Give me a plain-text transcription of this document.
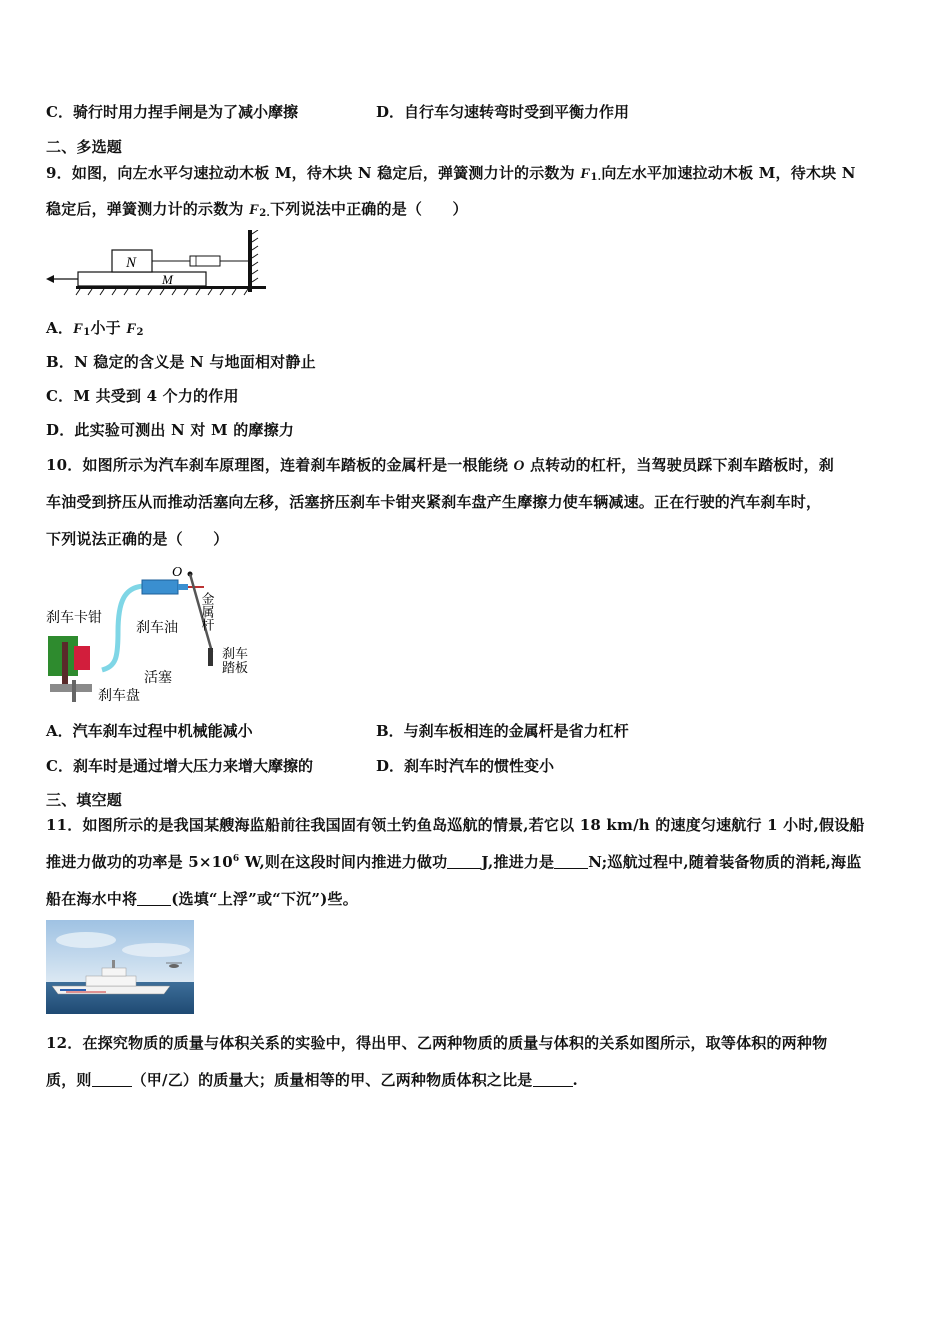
C．骑行时用力捏手闸是为了减小摩擦	D．自行车匀速转弯时受到平衡力作用
二、多选题
9．如图，向左水平匀速拉动木板 M，待木块 N 稳定后，弹簧测力计的示数为 $F_{1.}$向左水平加速拉动木板 M，待木块 N
稳定后，弹簧测力计的示数为 $F_{2.}$下列说法中正确的是（　　）
M
N
A．$F_1$小于 $F_2$
B．N 稳定的含义是 N 与地面相对静止
C．M 共受到 4 个力的作用
D．此实验可测出 N 对 M 的摩擦力
10．如图所示为汽车刹车原理图，连着刹车踏板的金属杆是一根能绕 O 点转动的杠杆，当驾驶员踩下刹车踏板时，刹
车油受到挤压从而推动活塞向左移，活塞挤压刹车卡钳夹紧刹车盘产生摩擦力使车辆减速。正在行驶的汽车刹车时，
下列说法正确的是（　　）
O
刹车卡钳
刹车油
活塞
刹车盘
刹车
踏板
金属杆
A．汽车刹车过程中机械能减小	B．与刹车板相连的金属杆是省力杠杆
C．刹车时是通过增大压力来增大摩擦的	D．刹车时汽车的惯性变小
三、填空题
11．如图所示的是我国某艘海监船前往我国固有领土钓鱼岛巡航的情景,若它以 18 km/h 的速度匀速航行 1 小时,假设船
推进力做功的功率是 $5\times 10^6$ W,则在这段时间内推进力做功 J,推进力是 N;巡航过程中,随着装备物质的消耗,海监
船在海水中将 (选填“上浮”或“下沉”)些。
12．在探究物质的质量与体积关系的实验中，得出甲、乙两种物质的质量与体积的关系如图所示，取等体积的两种物
质，则	（甲/乙）的质量大；质量相等的甲、乙两种物质体积之比是	.
